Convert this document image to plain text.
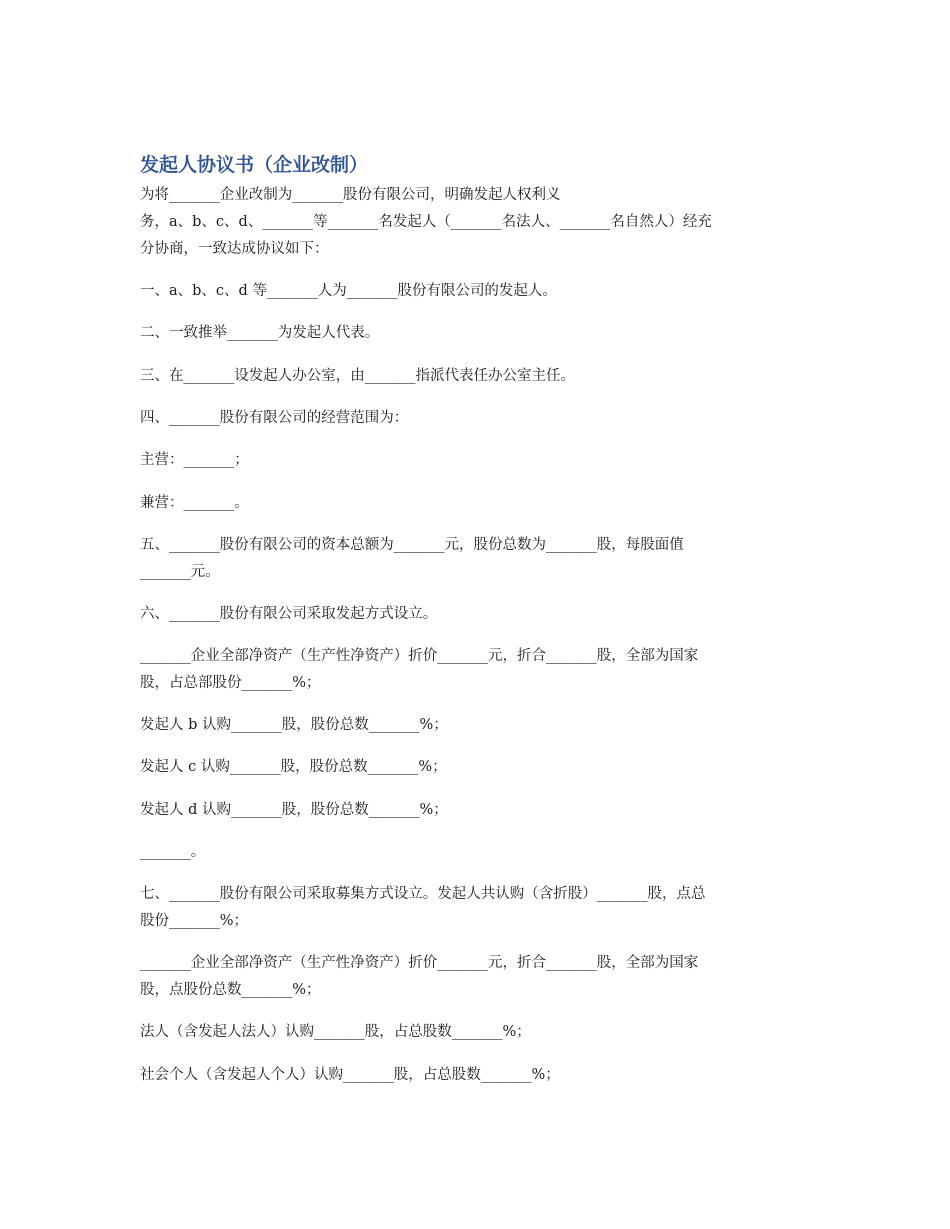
发起人协议书（企业改制）
为将_______企业改制为_______股份有限公司，明确发起人权利义
务，a、b、c、d、_______等_______名发起人（_______名法人、_______名自然人）经充
分协商，一致达成协议如下：
一、a、b、c、d 等_______人为_______股份有限公司的发起人。
二、一致推举_______为发起人代表。
三、在_______设发起人办公室，由_______指派代表任办公室主任。
四、_______股份有限公司的经营范围为：
主营：_______；
兼营：_______。
五、_______股份有限公司的资本总额为_______元，股份总数为_______股，每股面值
_______元。
六、_______股份有限公司采取发起方式设立。
_______企业全部净资产（生产性净资产）折价_______元，折合_______股，全部为国家
股，占总部股份_______%；
发起人 b 认购_______股，股份总数_______%；
发起人 c 认购_______股，股份总数_______%；
发起人 d 认购_______股，股份总数_______%；
_______。
七、_______股份有限公司采取募集方式设立。发起人共认购（含折股）_______股，点总
股份_______%；
_______企业全部净资产（生产性净资产）折价_______元，折合_______股，全部为国家
股，点股份总数_______%；
法人（含发起人法人）认购_______股，占总股数_______%；
社会个人（含发起人个人）认购_______股，占总股数_______%；
